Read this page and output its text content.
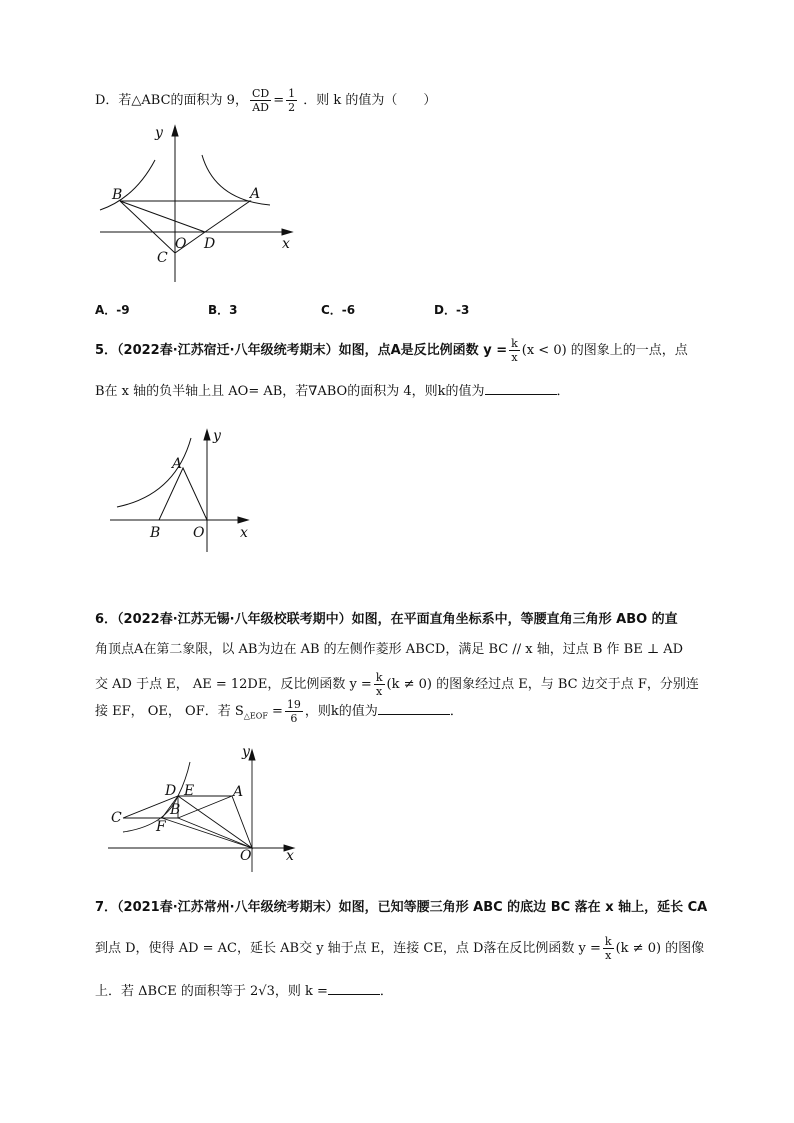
D．若△ABC的面积为 9， $\frac{CD}{AD} = \frac{1}{2}$ ．则 k 的值为（　　）
y
B	A
O D	x
C
A．-9	B．3	C．-6	D．-3
5．（2022春·江苏宿迁·八年级统考期末）如图，点A是反比例函数 $y = \frac{k}{x} (x < 0)$ 的图象上的一点，点
B在 x 轴的负半轴上且 AO= AB，若∇ABO的面积为 4，则k的值为	．
y
A
B O	x
6．（2022春·江苏无锡·八年级校联考期中）如图，在平面直角坐标系中，等腰直角三角形 ABO 的直
角顶点A在第二象限，以 AB为边在 AB 的左侧作菱形 ABCD，满足 BC // x 轴，过点 B 作 BE ⊥ AD
交 AD 于点 E， AE = 12DE，反比例函数 $y = \frac{k}{x} (k \ne 0)$ 的图象经过点 E，与 BC 边交于点 F，分别连
接 EF， OE， OF．若 $S_{\triangle EOF} = \frac{19}{6}$ ，则k的值为	．
y
D E	A
C	B
F
O x
7．（2021春·江苏常州·八年级统考期末）如图，已知等腰三角形 ABC 的底边 BC 落在 x 轴上，延长 CA
到点 D，使得 AD = AC，延长 AB交 y 轴于点 E，连接 CE，点 D落在反比例函数 $y = \frac{k}{x} (k \ne 0)$ 的图像
上．若 ΔBCE 的面积等于 2√3，则 k =	．
